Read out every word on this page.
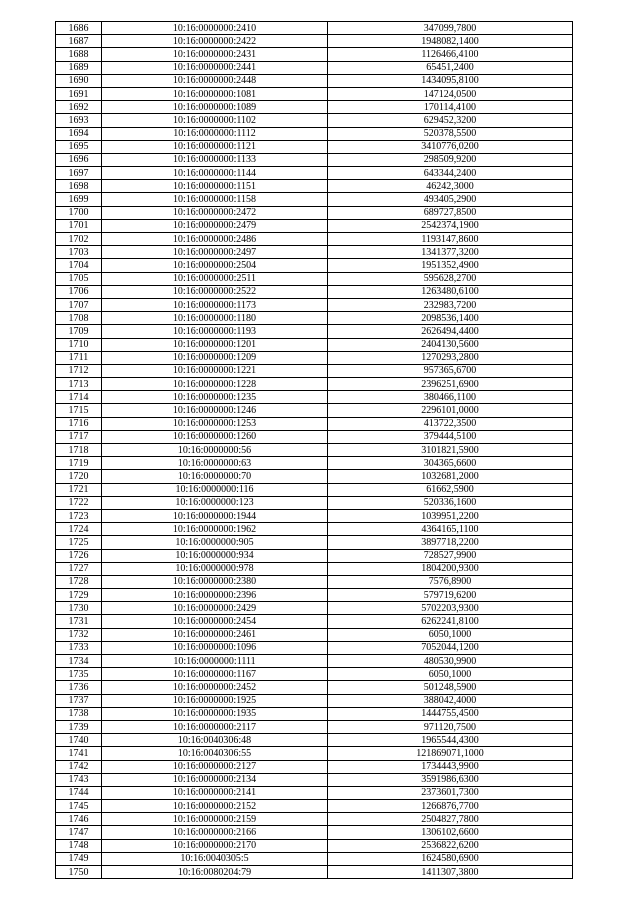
1686	10:16:0000000:2410	347099,7800
1687	10:16:0000000:2422	1948082,1400
1688	10:16:0000000:2431	1126466,4100
1689	10:16:0000000:2441	65451,2400
1690	10:16:0000000:2448	1434095,8100
1691	10:16:0000000:1081	147124,0500
1692	10:16:0000000:1089	170114,4100
1693	10:16:0000000:1102	629452,3200
1694	10:16:0000000:1112	520378,5500
1695	10:16:0000000:1121	3410776,0200
1696	10:16:0000000:1133	298509,9200
1697	10:16:0000000:1144	643344,2400
1698	10:16:0000000:1151	46242,3000
1699	10:16:0000000:1158	493405,2900
1700	10:16:0000000:2472	689727,8500
1701	10:16:0000000:2479	2542374,1900
1702	10:16:0000000:2486	1193147,8600
1703	10:16:0000000:2497	1341377,3200
1704	10:16:0000000:2504	1951352,4900
1705	10:16:0000000:2511	595628,2700
1706	10:16:0000000:2522	1263480,6100
1707	10:16:0000000:1173	232983,7200
1708	10:16:0000000:1180	2098536,1400
1709	10:16:0000000:1193	2626494,4400
1710	10:16:0000000:1201	2404130,5600
1711	10:16:0000000:1209	1270293,2800
1712	10:16:0000000:1221	957365,6700
1713	10:16:0000000:1228	2396251,6900
1714	10:16:0000000:1235	380466,1100
1715	10:16:0000000:1246	2296101,0000
1716	10:16:0000000:1253	413722,3500
1717	10:16:0000000:1260	379444,5100
1718	10:16:0000000:56	3101821,5900
1719	10:16:0000000:63	304365,6600
1720	10:16:0000000:70	1032681,2000
1721	10:16:0000000:116	61662,5900
1722	10:16:0000000:123	520336,1600
1723	10:16:0000000:1944	1039951,2200
1724	10:16:0000000:1962	4364165,1100
1725	10:16:0000000:905	3897718,2200
1726	10:16:0000000:934	728527,9900
1727	10:16:0000000:978	1804200,9300
1728	10:16:0000000:2380	7576,8900
1729	10:16:0000000:2396	579719,6200
1730	10:16:0000000:2429	5702203,9300
1731	10:16:0000000:2454	6262241,8100
1732	10:16:0000000:2461	6050,1000
1733	10:16:0000000:1096	7052044,1200
1734	10:16:0000000:1111	480530,9900
1735	10:16:0000000:1167	6050,1000
1736	10:16:0000000:2452	501248,5900
1737	10:16:0000000:1925	388042,4000
1738	10:16:0000000:1935	1444755,4500
1739	10:16:0000000:2117	971120,7500
1740	10:16:0040306:48	1965544,4300
1741	10:16:0040306:55	121869071,1000
1742	10:16:0000000:2127	1734443,9900
1743	10:16:0000000:2134	3591986,6300
1744	10:16:0000000:2141	2373601,7300
1745	10:16:0000000:2152	1266876,7700
1746	10:16:0000000:2159	2504827,7800
1747	10:16:0000000:2166	1306102,6600
1748	10:16:0000000:2170	2536822,6200
1749	10:16:0040305:5	1624580,6900
1750	10:16:0080204:79	1411307,3800
